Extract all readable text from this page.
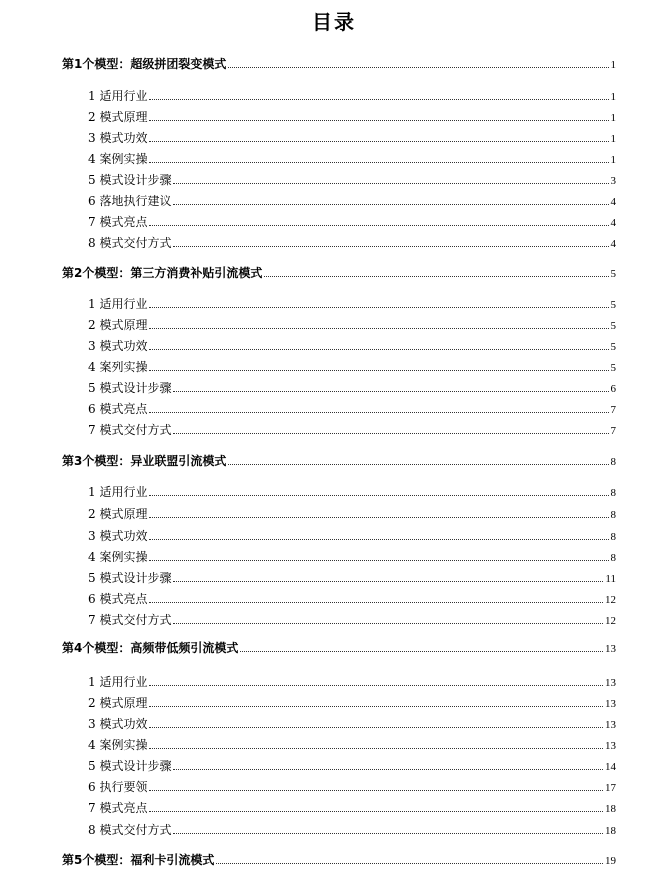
目录
第1个模型：超级拼团裂变模式	1
1 适用行业	1
2 模式原理	1
3 模式功效	1
4 案例实操	1
5 模式设计步骤	3
6 落地执行建议	4
7 模式亮点	4
8 模式交付方式	4
第2个模型：第三方消费补贴引流模式	5
1 适用行业	5
2 模式原理	5
3 模式功效	5
4 案列实操	5
5 模式设计步骤	6
6 模式亮点	7
7 模式交付方式	7
第3个模型：异业联盟引流模式	8
1 适用行业	8
2 模式原理	8
3 模式功效	8
4 案例实操	8
5 模式设计步骤	11
6 模式亮点	12
7 模式交付方式	12
第4个模型：高频带低频引流模式	13
1 适用行业	13
2 模式原理	13
3 模式功效	13
4 案例实操	13
5 模式设计步骤	14
6 执行要领	17
7 模式亮点	18
8 模式交付方式	18
第5个模型：福利卡引流模式	19
